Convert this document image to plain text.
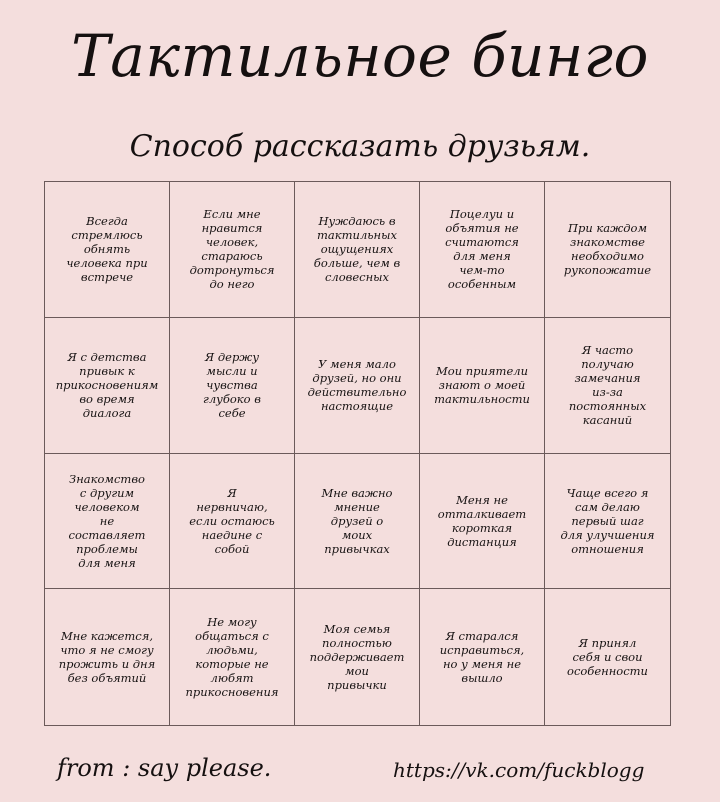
Тактильное бинго
Способ рассказать друзьям.
Всегда
стремлюсь
обнять
человека при
встрече
Если мне
нравится
человек,
стараюсь
дотронуться
до него
Нуждаюсь в
тактильных
ощущениях
больше, чем в
словесных
Поцелуи и
объятия не
считаются
для меня
чем-то
особенным
При каждом
знакомстве
необходимо
рукопожатие
Я с детства
привык к
прикосновениям
во время
диалога
Я держу
мысли и
чувства
глубоко в
себе
У меня мало
друзей, но они
действительно
настоящие
Мои приятели
знают о моей
тактильности
Я часто
получаю
замечания
из-за
постоянных
касаний
Знакомство
с другим
человеком
не
составляет
проблемы
для меня
Я
нервничаю,
если остаюсь
наедине с
собой
Мне важно
мнение
друзей о
моих
привычках
Меня не
отталкивает
короткая
дистанция
Чаще всего я
сам делаю
первый шаг
для улучшения
отношения
Мне кажется,
что я не смогу
прожить и дня
без объятий
Не могу
общаться с
людьми,
которые не
любят
прикосновения
Моя семья
полностью
поддерживает
мои
привычки
Я старался
исправиться,
но у меня не
вышло
Я принял
себя и свои
особенности
from : say please.	https://vk.com/fuckblogg
